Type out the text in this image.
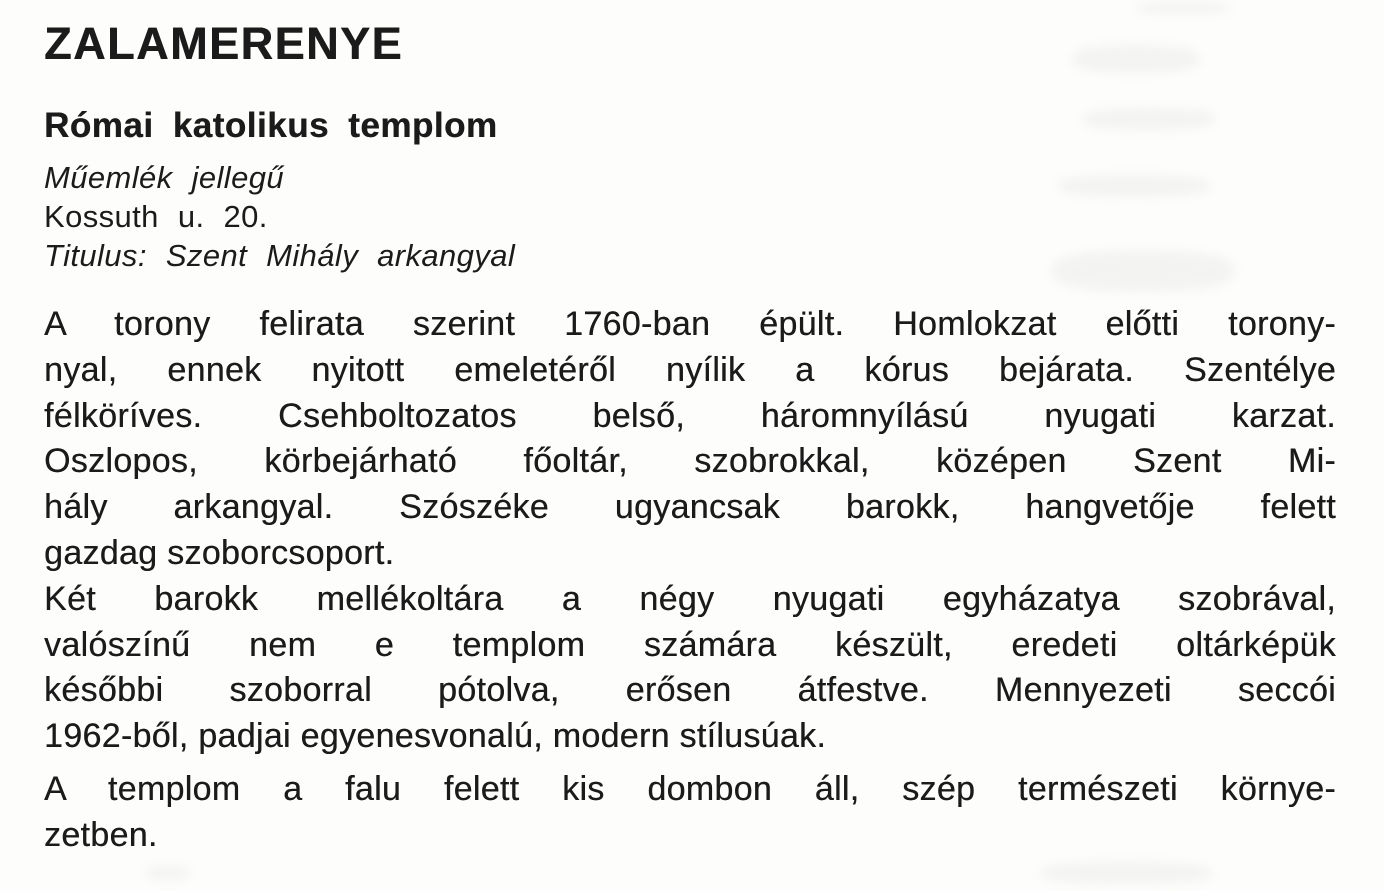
ZALAMERENYE
Római katolikus templom

Műemlék jellegű

Kossuth u. 20.

Titulus: Szent Mihály arkangyal

A torony felirata szerint 1760-ban épült. Homlokzat előtti torony-
nyal, ennek nyitott emeletéről nyílik a kórus bejárata. Szentélye
félköríves. Csehboltozatos belső, háromnyílású nyugati karzat.
Oszlopos, körbejárható főoltár, szobrokkal, középen Szent Mi-
hály arkangyal. Szószéke ugyancsak barokk, hangvetője felett
gazdag szoborcsoport.
Két barokk mellékoltára a négy nyugati egyházatya szobrával,
valószínű nem e templom számára készült, eredeti oltárképük
későbbi szoborral pótolva, erősen átfestve. Mennyezeti seccói
1962-ből, padjai egyenesvonalú, modern stílusúak.
A templom a falu felett kis dombon áll, szép természeti környe-
zetben.
